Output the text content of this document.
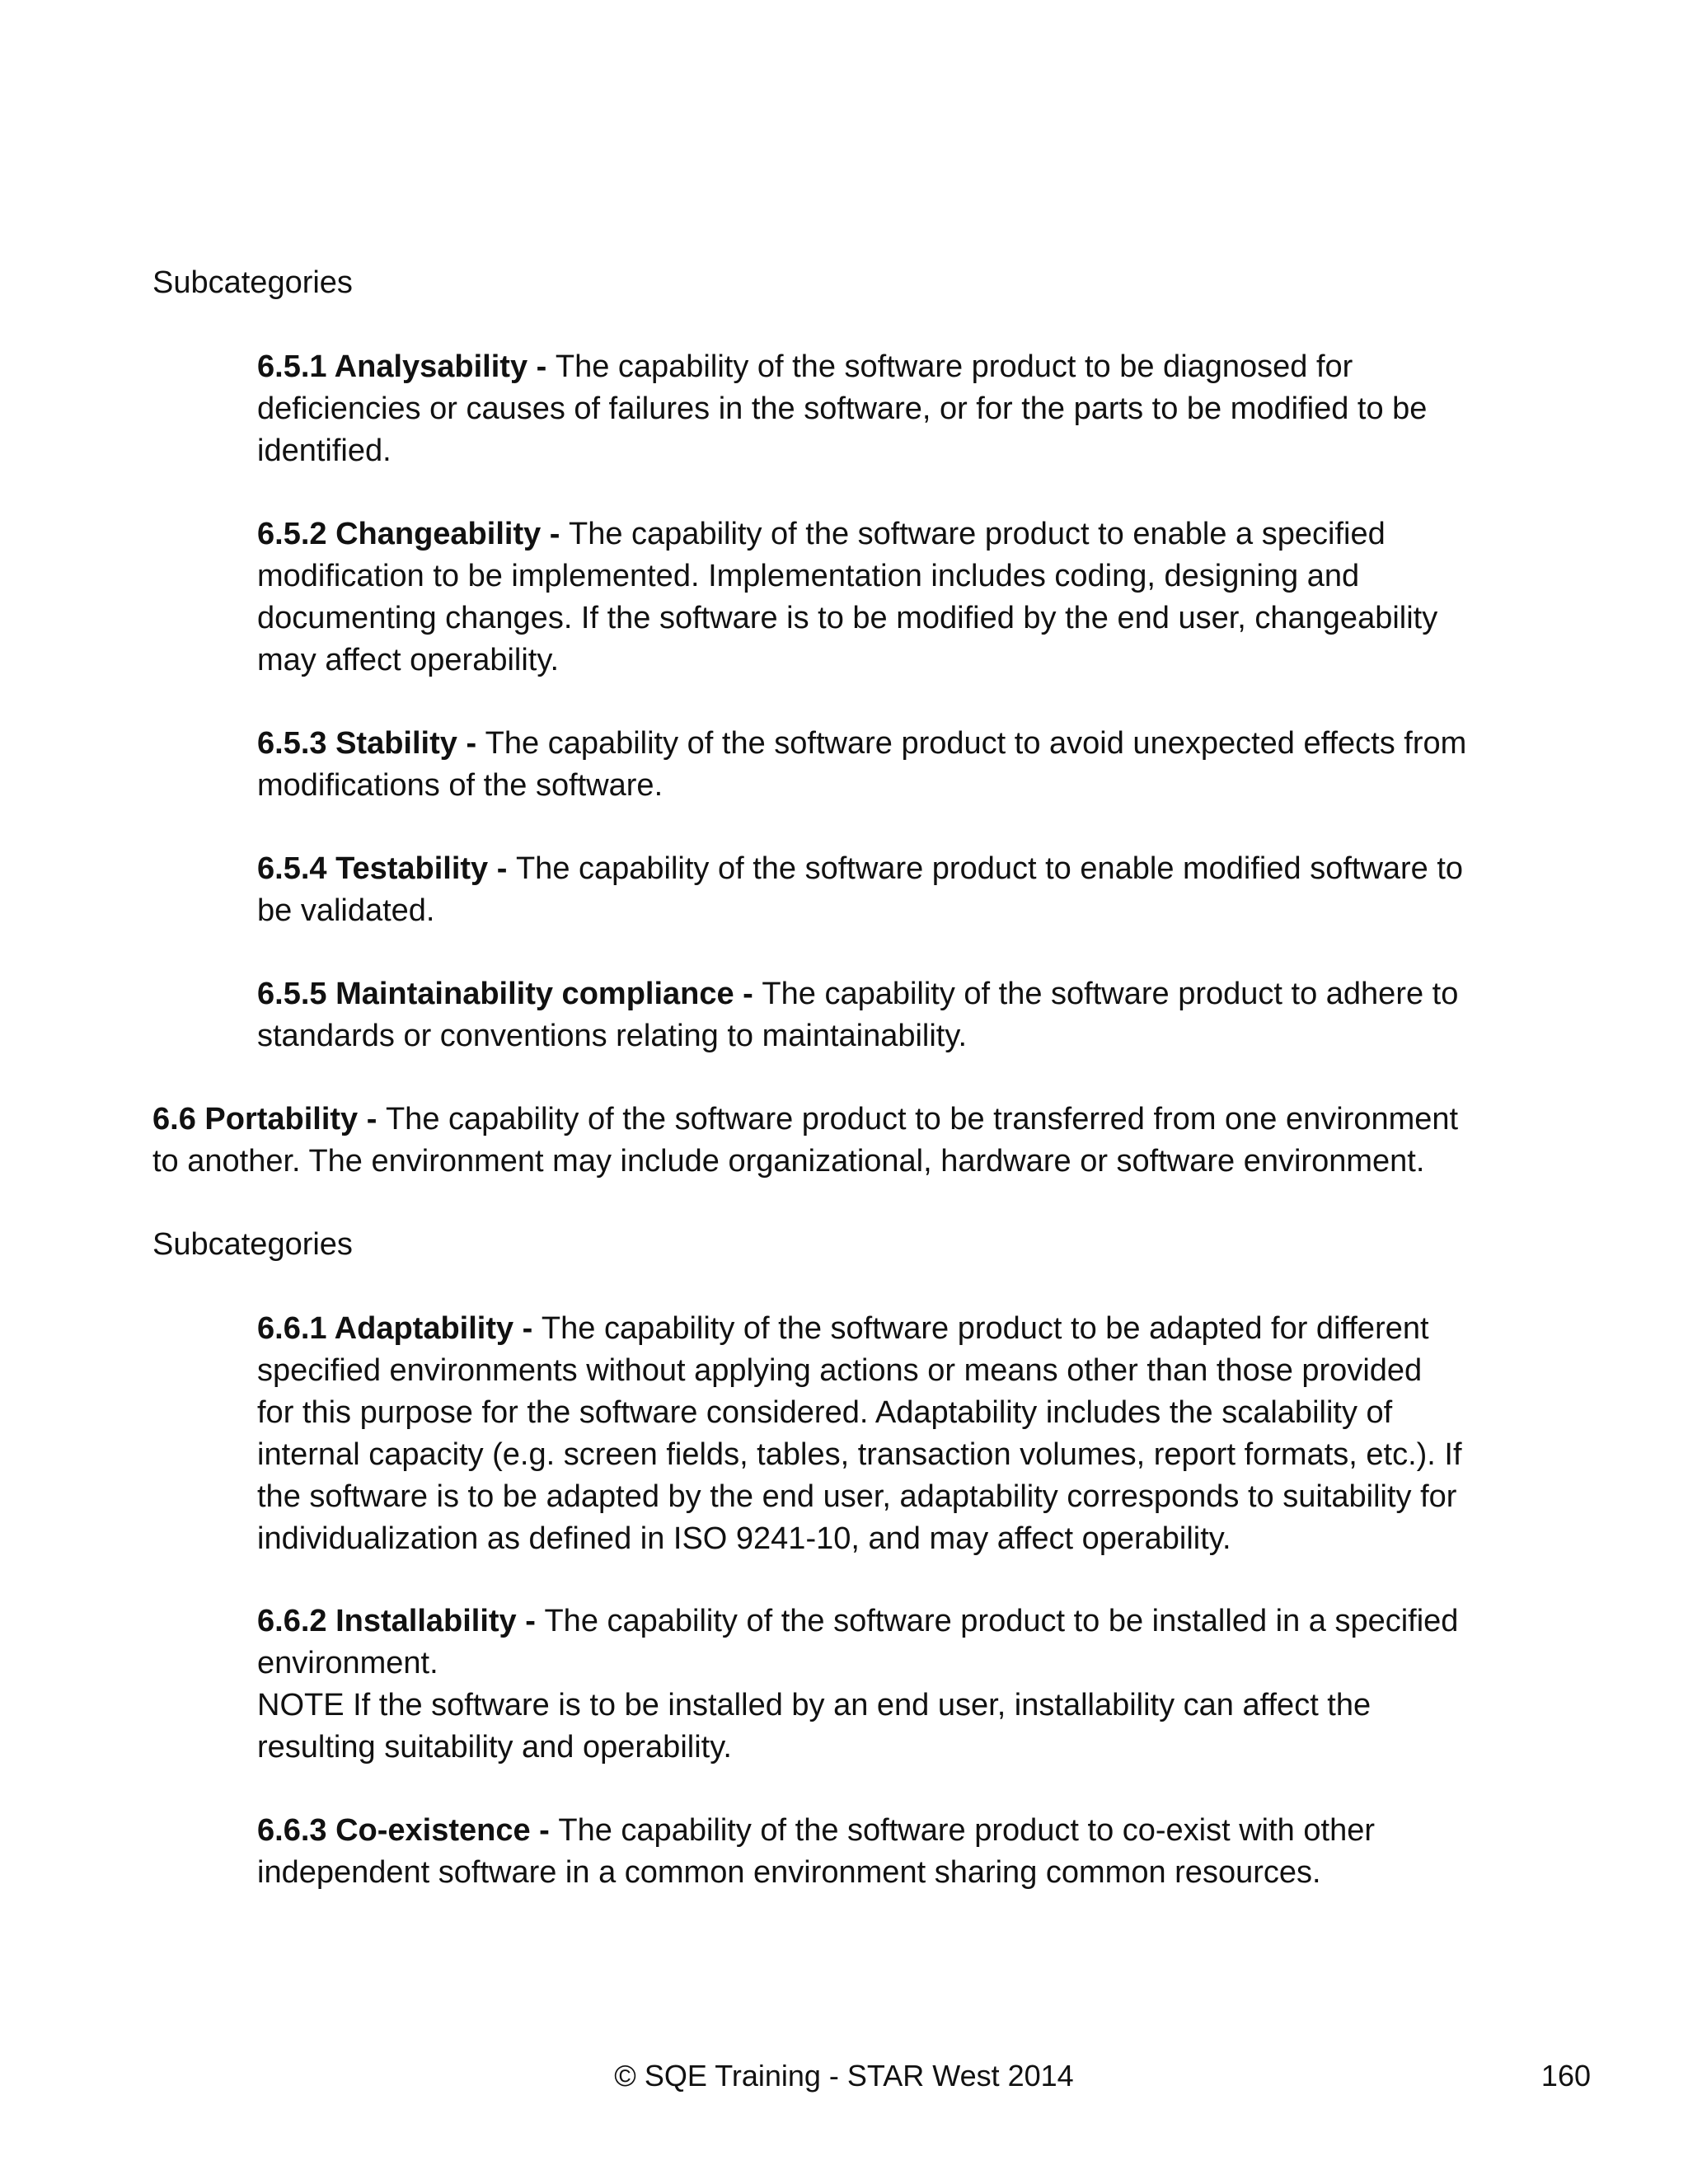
Subcategories

6.5.1 Analysability - The capability of the software product to be diagnosed for
deficiencies or causes of failures in the software, or for the parts to be modified to be
identified.

6.5.2 Changeability - The capability of the software product to enable a specified
modification to be implemented. Implementation includes coding, designing and
documenting changes. If the software is to be modified by the end user, changeability
may affect operability.

6.5.3 Stability - The capability of the software product to avoid unexpected effects from
modifications of the software.

6.5.4 Testability - The capability of the software product to enable modified software to
be validated.

6.5.5 Maintainability compliance - The capability of the software product to adhere to
standards or conventions relating to maintainability.

6.6 Portability - The capability of the software product to be transferred from one environment
to another. The environment may include organizational, hardware or software environment.

Subcategories

6.6.1 Adaptability - The capability of the software product to be adapted for different
specified environments without applying actions or means other than those provided
for this purpose for the software considered. Adaptability includes the scalability of
internal capacity (e.g. screen fields, tables, transaction volumes, report formats, etc.). If
the software is to be adapted by the end user, adaptability corresponds to suitability for
individualization as defined in ISO 9241-10, and may affect operability.

6.6.2 Installability - The capability of the software product to be installed in a specified
environment.
NOTE If the software is to be installed by an end user, installability can affect the
resulting suitability and operability.

6.6.3 Co-existence - The capability of the software product to co-exist with other
independent software in a common environment sharing common resources.

© SQE Training - STAR West 2014	160
